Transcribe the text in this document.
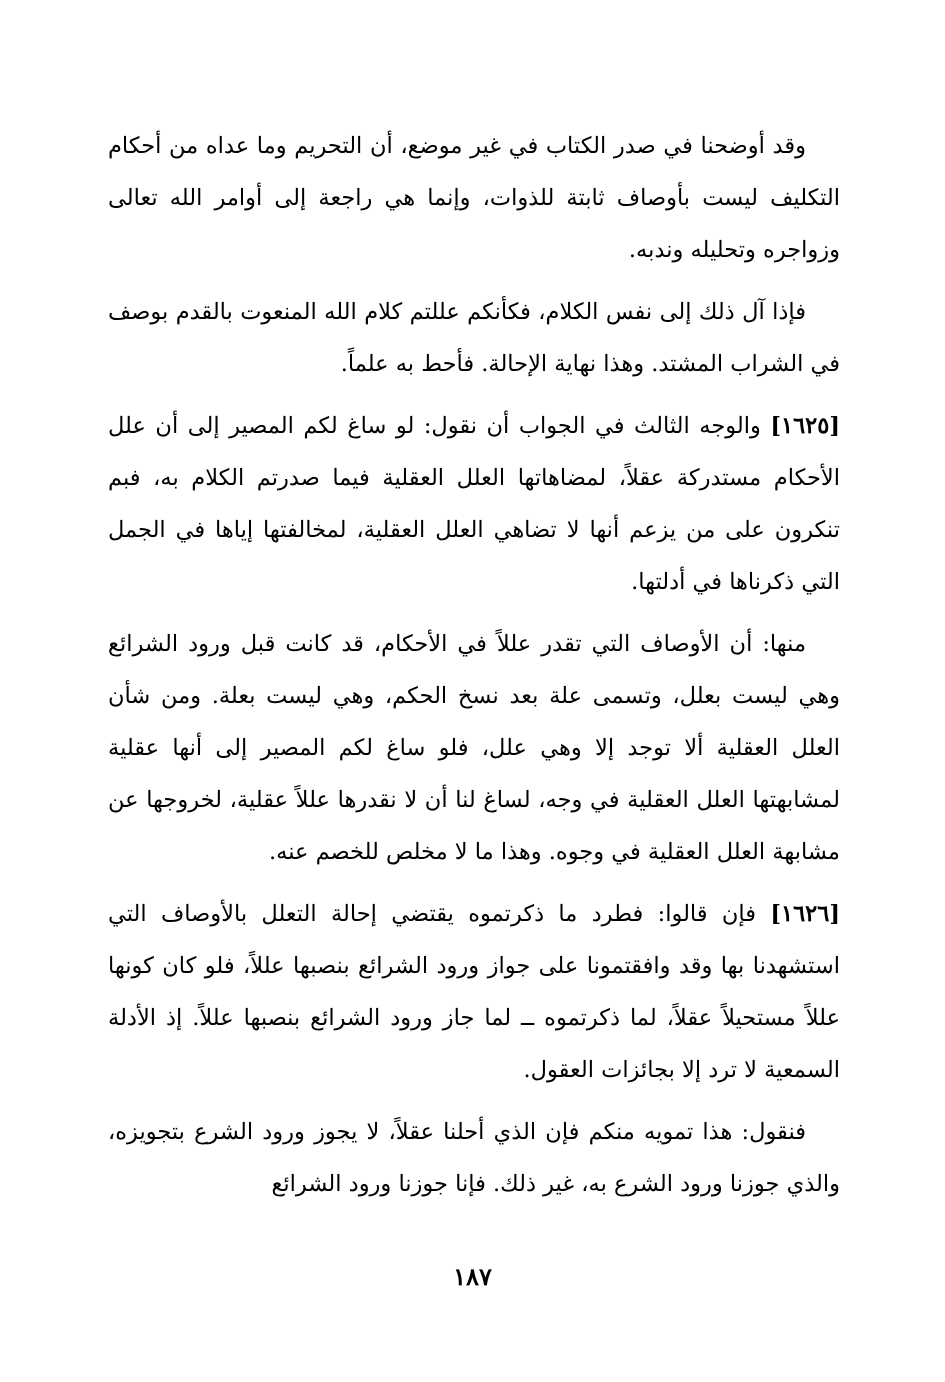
وقد أوضحنا في صدر الكتاب في غير موضع، أن التحريم وما عداه من أحكام التكليف ليست بأوصاف ثابتة للذوات، وإنما هي راجعة إلى أوامر الله تعالى وزواجره وتحليله وندبه.

فإذا آل ذلك إلى نفس الكلام، فكأنكم عللتم كلام الله المنعوت بالقدم بوصف في الشراب المشتد. وهذا نهاية الإحالة. فأحط به علماً.

[١٦٢٥] والوجه الثالث في الجواب أن نقول: لو ساغ لكم المصير إلى أن علل الأحكام مستدركة عقلاً، لمضاهاتها العلل العقلية فيما صدرتم الكلام به، فبم تنكرون على من يزعم أنها لا تضاهي العلل العقلية، لمخالفتها إياها في الجمل التي ذكرناها في أدلتها.

منها: أن الأوصاف التي تقدر عللاً في الأحكام، قد كانت قبل ورود الشرائع وهي ليست بعلل، وتسمى علة بعد نسخ الحكم، وهي ليست بعلة. ومن شأن العلل العقلية ألا توجد إلا وهي علل، فلو ساغ لكم المصير إلى أنها عقلية لمشابهتها العلل العقلية في وجه، لساغ لنا أن لا نقدرها عللاً عقلية، لخروجها عن مشابهة العلل العقلية في وجوه. وهذا ما لا مخلص للخصم عنه.

[١٦٢٦] فإن قالوا: فطرد ما ذكرتموه يقتضي إحالة التعلل بالأوصاف التي استشهدنا بها وقد وافقتمونا على جواز ورود الشرائع بنصبها عللاً، فلو كان كونها عللاً مستحيلاً عقلاً، لما ذكرتموه ــ لما جاز ورود الشرائع بنصبها عللاً. إذ الأدلة السمعية لا ترد إلا بجائزات العقول.

فنقول: هذا تمويه منكم فإن الذي أحلنا عقلاً، لا يجوز ورود الشرع بتجويزه، والذي جوزنا ورود الشرع به، غير ذلك. فإنا جوزنا ورود الشرائع

١٨٧
